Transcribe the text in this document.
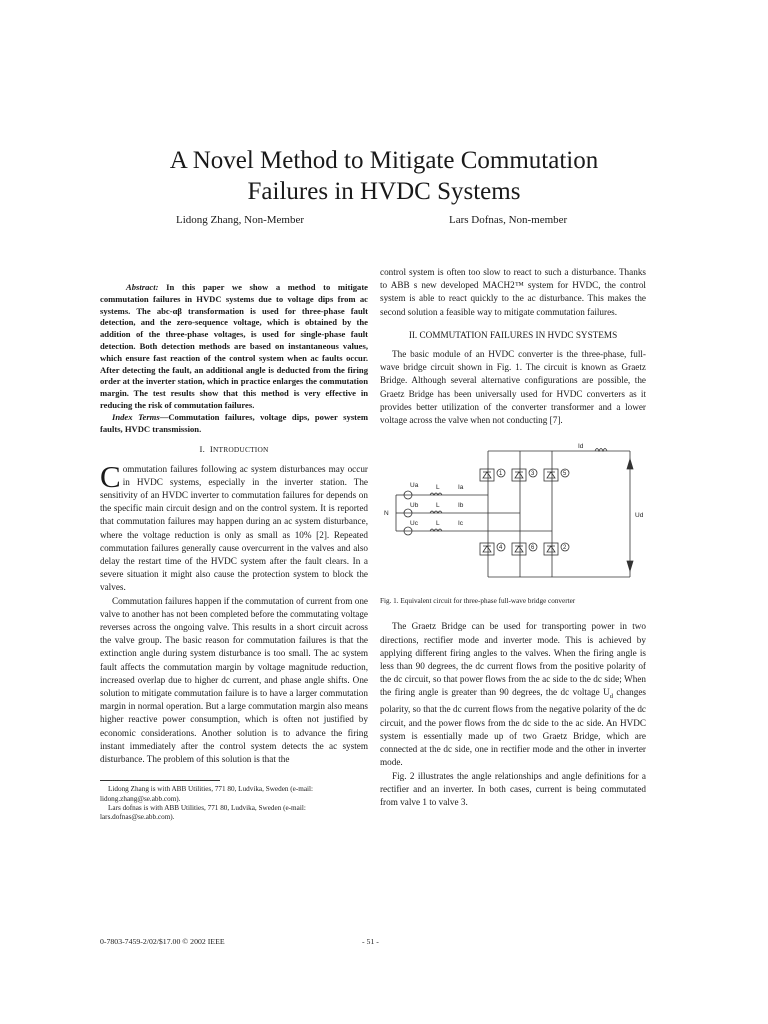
A Novel Method to Mitigate Commutation
Failures in HVDC Systems
Lidong Zhang, Non-Member	Lars Dofnas, Non-member

Abstract: In this paper we show a method to mitigate commutation failures in HVDC systems due to voltage dips from ac systems. The abc-αβ transformation is used for three-phase fault detection, and the zero-sequence voltage, which is obtained by the addition of the three-phase voltages, is used for single-phase fault detection. Both detection methods are based on instantaneous values, which ensure fast reaction of the control system when ac faults occur. After detecting the fault, an additional angle is deducted from the firing order at the inverter station, which in practice enlarges the commutation margin. The test results show that this method is very effective in reducing the risk of commutation failures.

Index Terms—Commutation failures, voltage dips, power system faults, HVDC transmission.

I. INTRODUCTION

Commutation failures following ac system disturbances may occur in HVDC systems, especially in the inverter station. The sensitivity of an HVDC inverter to commutation failures for depends on the specific main circuit design and on the control system. It is reported that commutation failures may happen during an ac system disturbance, where the voltage reduction is only as small as 10% [2]. Repeated commutation failures generally cause overcurrent in the valves and also delay the restart time of the HVDC system after the fault clears. In a severe situation it might also cause the protection system to block the valves.

Commutation failures happen if the commutation of current from one valve to another has not been completed before the commutating voltage reverses across the ongoing valve. This results in a short circuit across the valve group. The basic reason for commutation failures is that the extinction angle during system disturbance is too small. The ac system fault affects the commutation margin by voltage magnitude reduction, increased overlap due to higher dc current, and phase angle shifts. One solution to mitigate commutation failure is to have a larger commutation margin in normal operation. But a large commutation margin also means higher reactive power consumption, which is often not justified by economic considerations. Another solution is to advance the firing instant immediately after the control system detects the ac system disturbance. The problem of this solution is that the

Lidong Zhang is with ABB Utilities, 771 80, Ludvika, Sweden (e-mail: lidong.zhang@se.abb.com).

Lars dofnas is with ABB Utilities, 771 80, Ludvika, Sweden (e-mail: lars.dofnas@se.abb.com).

control system is often too slow to react to such a disturbance. Thanks to ABB s new developed MACH2™ system for HVDC, the control system is able to react quickly to the ac disturbance. This makes the second solution a feasible way to mitigate commutation failures.

II. COMMUTATION FAILURES IN HVDC SYSTEMS

The basic module of an HVDC converter is the three-phase, full-wave bridge circuit shown in Fig. 1. The circuit is known as Graetz Bridge. Although several alternative configurations are possible, the Graetz Bridge has been universally used for HVDC converters as it provides better utilization of the converter transformer and a lower voltage across the valve when not conducting [7].

1	3	5
4	6	2
Id
Ud
N
Ua	L	Ia
Ub	L	Ib
Uc	L	Ic

Fig. 1. Equivalent circuit for three-phase full-wave bridge converter

The Graetz Bridge can be used for transporting power in two directions, rectifier mode and inverter mode. This is achieved by applying different firing angles to the valves. When the firing angle is less than 90 degrees, the dc current flows from the positive polarity of the dc circuit, so that power flows from the ac side to the dc side; When the firing angle is greater than 90 degrees, the dc voltage $U_d$ changes polarity, so that the dc current flows from the negative polarity of the dc circuit, and the power flows from the dc side to the ac side. An HVDC system is essentially made up of two Graetz Bridge, which are connected at the dc side, one in rectifier mode and the other in inverter mode.

Fig. 2 illustrates the angle relationships and angle definitions for a rectifier and an inverter. In both cases, current is being commutated from valve 1 to valve 3.

0-7803-7459-2/02/$17.00 © 2002 IEEE	- 51 -
